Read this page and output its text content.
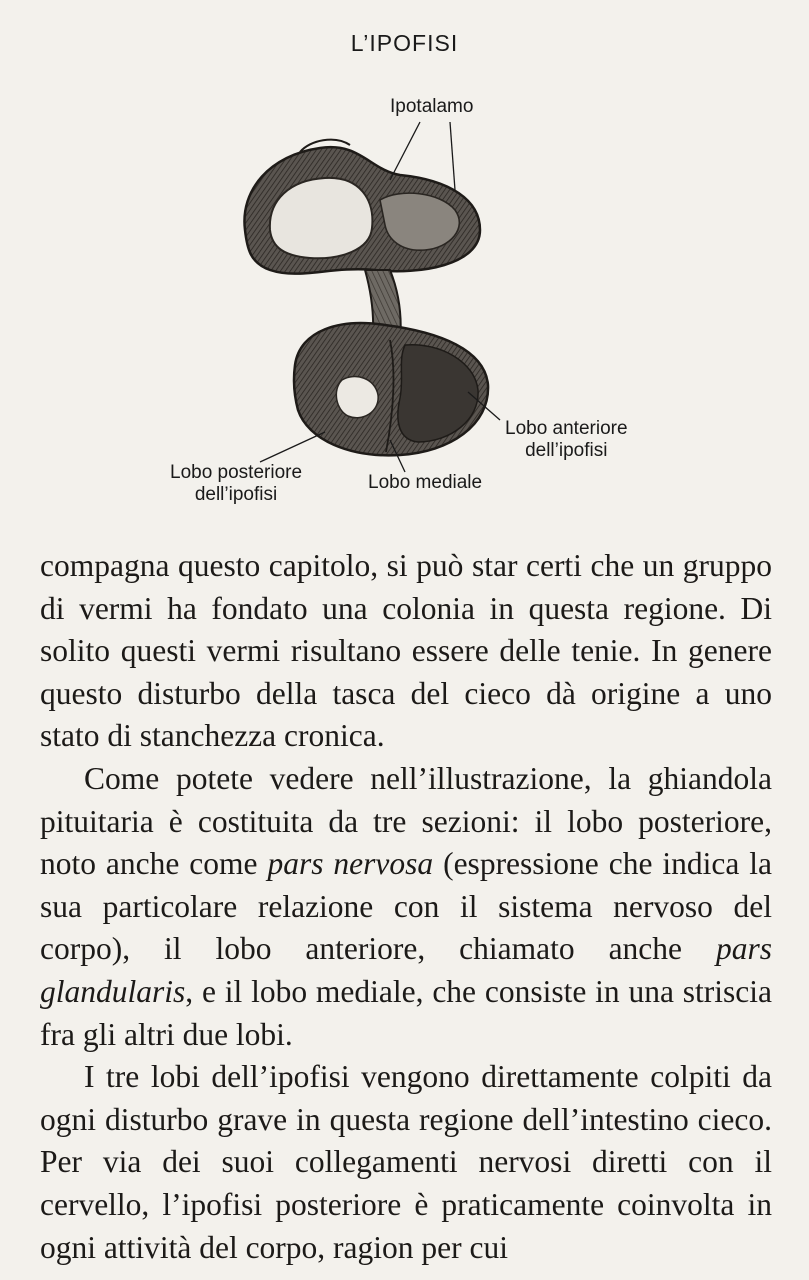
L’IPOFISI
Ipotalamo
Lobo anteriore
dell’ipofisi
Lobo posteriore
dell’ipofisi
Lobo mediale

compagna questo capitolo, si può star certi che un gruppo di vermi ha fondato una colonia in questa regione. Di solito questi vermi risultano essere delle tenie. In genere questo disturbo della tasca del cieco dà origine a uno stato di stanchezza cronica.

Come potete vedere nell’illustrazione, la ghiandola pituitaria è costituita da tre sezioni: il lobo posteriore, noto anche come pars nervosa (espressione che indica la sua particolare relazione con il sistema nervoso del corpo), il lobo anteriore, chiamato anche pars glandularis, e il lobo mediale, che consiste in una striscia fra gli altri due lobi.

I tre lobi dell’ipofisi vengono direttamente colpiti da ogni disturbo grave in questa regione dell’intestino cieco. Per via dei suoi collegamenti nervosi diretti con il cervello, l’ipofisi posteriore è praticamente coinvolta in ogni attività del corpo, ragion per cui
